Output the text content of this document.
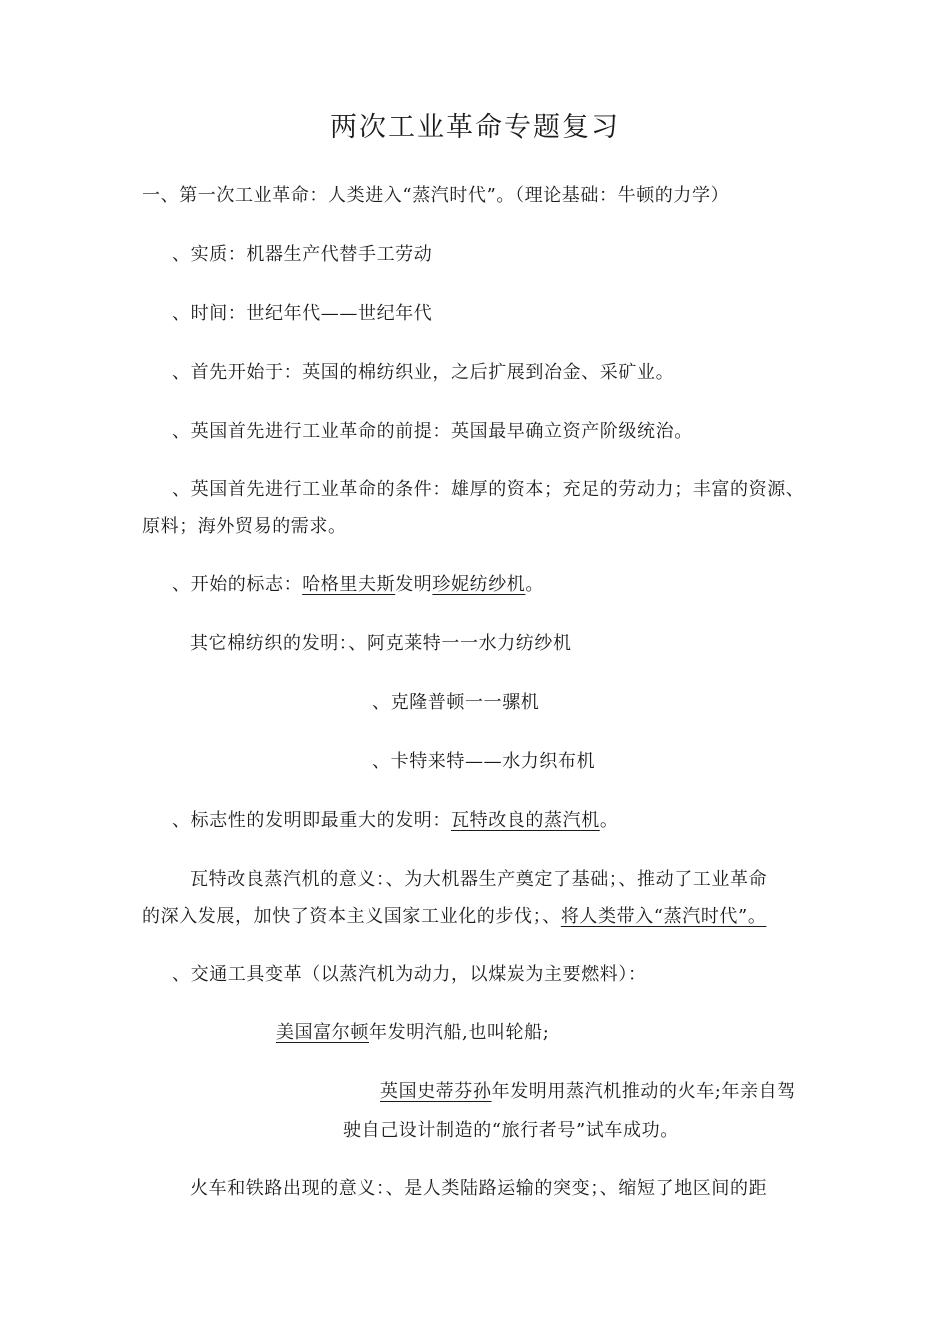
两次工业革命专题复习
一、第一次工业革命：人类进入“蒸汽时代”。（理论基础：牛顿的力学）
、实质：机器生产代替手工劳动
、时间：世纪年代——世纪年代
、首先开始于：英国的棉纺织业，之后扩展到冶金、采矿业。
、英国首先进行工业革命的前提：英国最早确立资产阶级统治。
、英国首先进行工业革命的条件：雄厚的资本；充足的劳动力；丰富的资源、
原料；海外贸易的需求。
、开始的标志：哈格里夫斯发明珍妮纺纱机。
其它棉纺织的发明：、阿克莱特一一水力纺纱机
、克隆普顿一一骡机
、卡特来特——水力织布机
、标志性的发明即最重大的发明：瓦特改良的蒸汽机。
瓦特改良蒸汽机的意义：、为大机器生产奠定了基础；、推动了工业革命
的深入发展，加快了资本主义国家工业化的步伐；、将人类带入“蒸汽时代”。
、交通工具变革（以蒸汽机为动力，以煤炭为主要燃料）：
美国富尔顿年发明汽船,也叫轮船;
英国史蒂芬孙年发明用蒸汽机推动的火车;年亲自驾
驶自己设计制造的“旅行者号”试车成功。
火车和铁路出现的意义：、是人类陆路运输的突变；、缩短了地区间的距
